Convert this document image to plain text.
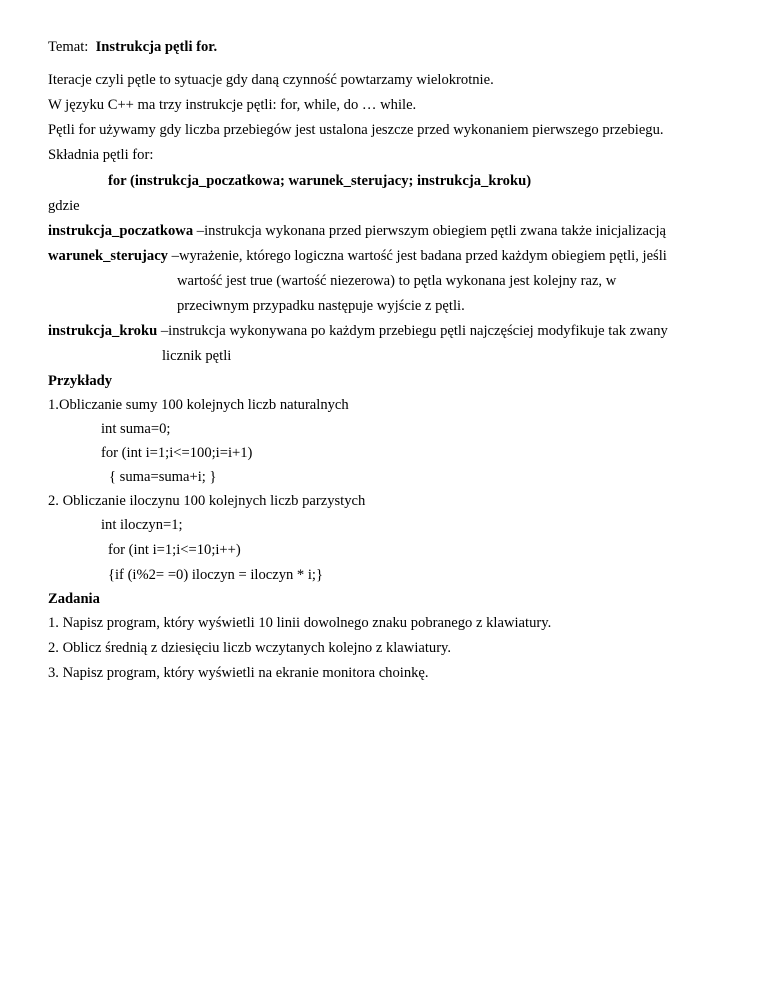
Temat: Instrukcja pętli for.
Iteracje czyli pętle to sytuacje gdy daną czynność powtarzamy wielokrotnie.
W języku C++ ma trzy instrukcje pętli: for, while, do … while.
Pętli for używamy gdy liczba przebiegów jest ustalona jeszcze przed wykonaniem pierwszego przebiegu.
Składnia pętli for:
for (instrukcja_poczatkowa; warunek_sterujacy; instrukcja_kroku)
gdzie
instrukcja_poczatkowa –instrukcja wykonana przed pierwszym obiegiem pętli zwana także inicjalizacją
warunek_sterujacy –wyrażenie, którego logiczna wartość jest badana przed każdym obiegiem pętli, jeśli
wartość jest true (wartość niezerowa) to pętla wykonana jest kolejny raz, w
przeciwnym przypadku następuje wyjście z pętli.
instrukcja_kroku –instrukcja wykonywana po każdym przebiegu pętli najczęściej modyfikuje tak zwany
licznik pętli
Przykłady
1.Obliczanie sumy 100 kolejnych liczb naturalnych
int suma=0;
for (int i=1;i<=100;i=i+1)
{ suma=suma+i; }
2. Obliczanie iloczynu 100 kolejnych liczb parzystych
int iloczyn=1;
for (int i=1;i<=10;i++)
{if (i%2= =0) iloczyn = iloczyn * i;}
Zadania
1. Napisz program, który wyświetli 10 linii dowolnego znaku pobranego z klawiatury.
2. Oblicz średnią z dziesięciu liczb wczytanych kolejno z klawiatury.
3. Napisz program, który wyświetli na ekranie monitora choinkę.
